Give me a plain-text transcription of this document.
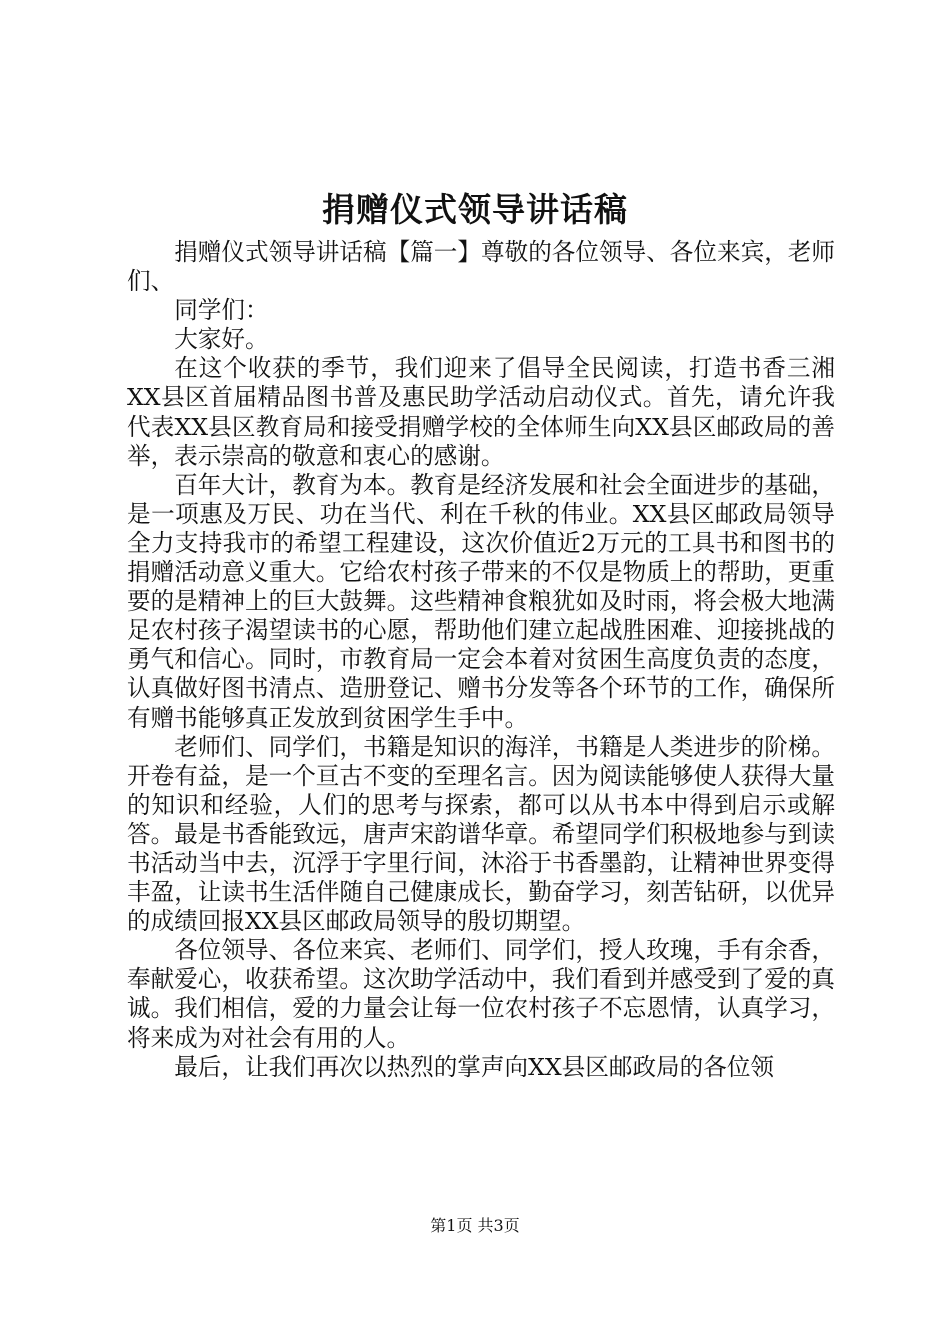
捐赠仪式领导讲话稿

捐赠仪式领导讲话稿【篇一】尊敬的各位领导、各位来宾，老师们、

同学们：

大家好。

在这个收获的季节，我们迎来了倡导全民阅读，打造书香三湘XX县区首届精品图书普及惠民助学活动启动仪式。首先，请允许我代表XX县区教育局和接受捐赠学校的全体师生向XX县区邮政局的善举，表示崇高的敬意和衷心的感谢。

百年大计，教育为本。教育是经济发展和社会全面进步的基础，是一项惠及万民、功在当代、利在千秋的伟业。XX县区邮政局领导全力支持我市的希望工程建设，这次价值近2万元的工具书和图书的捐赠活动意义重大。它给农村孩子带来的不仅是物质上的帮助，更重要的是精神上的巨大鼓舞。这些精神食粮犹如及时雨，将会极大地满足农村孩子渴望读书的心愿，帮助他们建立起战胜困难、迎接挑战的勇气和信心。同时，市教育局一定会本着对贫困生高度负责的态度，认真做好图书清点、造册登记、赠书分发等各个环节的工作，确保所有赠书能够真正发放到贫困学生手中。

老师们、同学们，书籍是知识的海洋，书籍是人类进步的阶梯。开卷有益，是一个亘古不变的至理名言。因为阅读能够使人获得大量的知识和经验，人们的思考与探索，都可以从书本中得到启示或解答。最是书香能致远，唐声宋韵谱华章。希望同学们积极地参与到读书活动当中去，沉浮于字里行间，沐浴于书香墨韵，让精神世界变得丰盈，让读书生活伴随自己健康成长，勤奋学习，刻苦钻研，以优异的成绩回报XX县区邮政局领导的殷切期望。

各位领导、各位来宾、老师们、同学们，授人玫瑰，手有余香，奉献爱心，收获希望。这次助学活动中，我们看到并感受到了爱的真诚。我们相信，爱的力量会让每一位农村孩子不忘恩情，认真学习，将来成为对社会有用的人。

最后，让我们再次以热烈的掌声向XX县区邮政局的各位领

第1页 共3页
